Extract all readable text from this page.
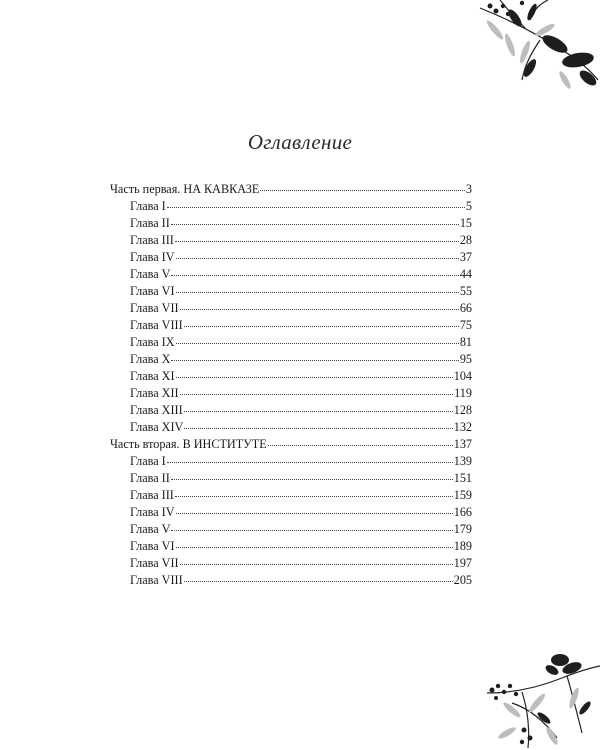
Оглавление
Часть первая. НА КАВКАЗЕ	3
Глава I	5
Глава II	15
Глава III	28
Глава IV	37
Глава V	44
Глава VI	55
Глава VII	66
Глава VIII	75
Глава IX	81
Глава X	95
Глава XI	104
Глава XII	119
Глава XIII	128
Глава XIV	132
Часть вторая. В ИНСТИТУТЕ	137
Глава I	139
Глава II	151
Глава III	159
Глава IV	166
Глава V	179
Глава VI	189
Глава VII	197
Глава VIII	205
